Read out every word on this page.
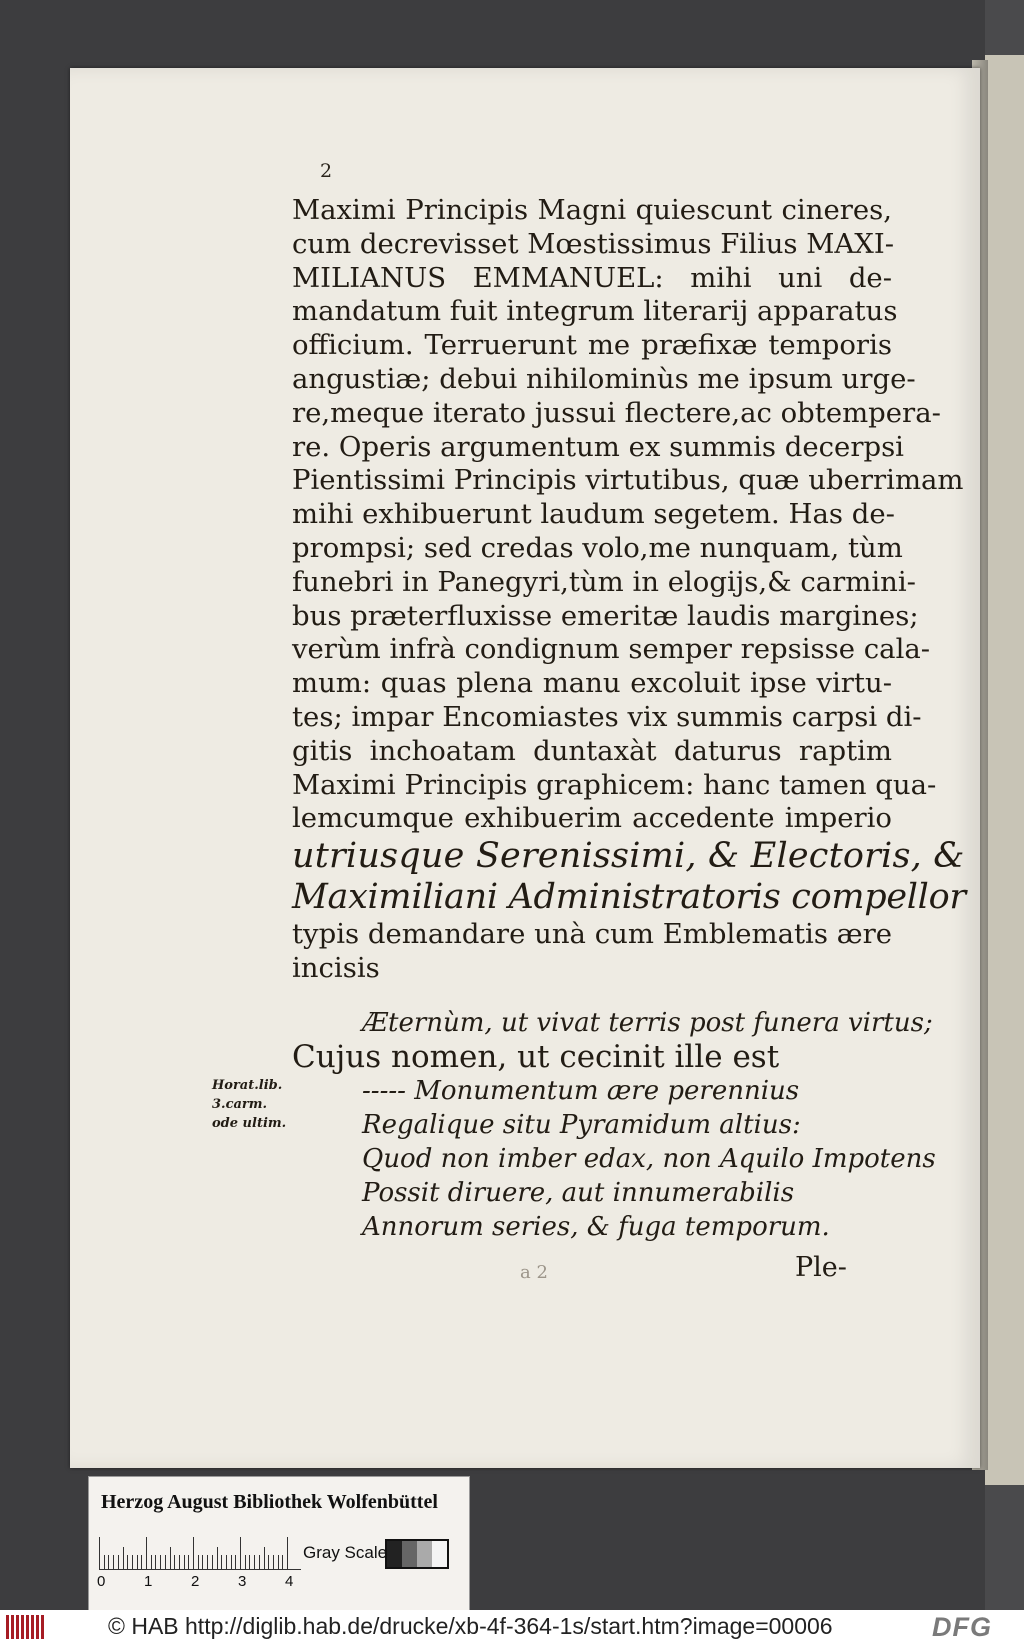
2
Maximi Principis Magni quiescunt cineres,
cum decrevisset Mœstissimus Filius MAXI-
MILIANUS EMMANUEL: mihi uni de-
mandatum fuit integrum literarij apparatus
officium. Terruerunt me præfixæ temporis
angustiæ; debui nihilominùs me ipsum urge-
re,meque iterato jussui flectere,ac obtempera-
re. Operis argumentum ex summis decerpsi
Pientissimi Principis virtutibus, quæ uberrimam
mihi exhibuerunt laudum segetem. Has de-
prompsi; sed credas volo,me nunquam, tùm
funebri in Panegyri,tùm in elogijs,& carmini-
bus præterfluxisse emeritæ laudis margines;
verùm infrà condignum semper repsisse cala-
mum: quas plena manu excoluit ipse virtu-
tes; impar Encomiastes vix summis carpsi di-
gitis inchoatam duntaxàt daturus raptim
Maximi Principis graphicem: hanc tamen qua-
lemcumque exhibuerim accedente imperio
utriusque Serenissimi, & Electoris, &
Maximiliani Administratoris compellor
typis demandare unà cum Emblematis ære
incisis
Æternùm, ut vivat terris post funera virtus;
Cujus nomen, ut cecinit ille est
----- Monumentum ære perennius
Regalique situ Pyramidum altius:
Quod non imber edax, non Aquilo Impotens
Possit diruere, aut innumerabilis
Annorum series, & fuga temporum.
Horat.lib.
3.carm.
ode ultim.
a 2	Ple-
Herzog August Bibliothek Wolfenbüttel
0	1	2	3	4
Gray Scale
© HAB http://diglib.hab.de/drucke/xb-4f-364-1s/start.htm?image=00006	DFG
